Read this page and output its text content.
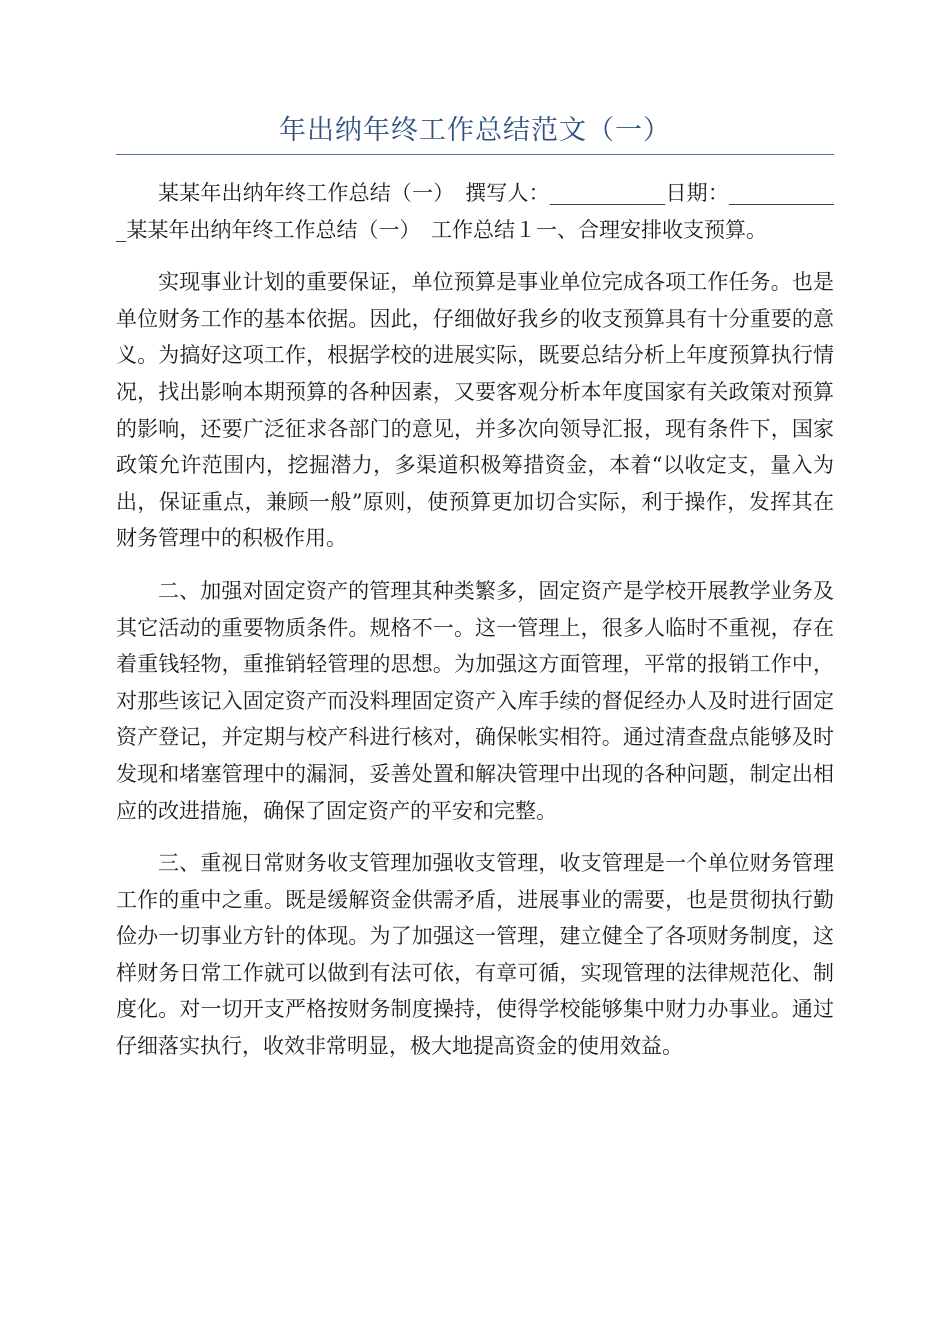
年出纳年终工作总结范文（一）

某某年出纳年终工作总结（一）　撰写人：___________日期：___________某某年出纳年终工作总结（一）　工作总结１一、合理安排收支预算。

实现事业计划的重要保证，单位预算是事业单位完成各项工作任务。也是单位财务工作的基本依据。因此，仔细做好我乡的收支预算具有十分重要的意义。为搞好这项工作，根据学校的进展实际，既要总结分析上年度预算执行情况，找出影响本期预算的各种因素，又要客观分析本年度国家有关政策对预算的影响，还要广泛征求各部门的意见，并多次向领导汇报，现有条件下，国家政策允许范围内，挖掘潜力，多渠道积极筹措资金，本着“以收定支，量入为出，保证重点，兼顾一般”原则，使预算更加切合实际，利于操作，发挥其在财务管理中的积极作用。

二、加强对固定资产的管理其种类繁多，固定资产是学校开展教学业务及其它活动的重要物质条件。规格不一。这一管理上，很多人临时不重视，存在着重钱轻物，重推销轻管理的思想。为加强这方面管理，平常的报销工作中，对那些该记入固定资产而没料理固定资产入库手续的督促经办人及时进行固定资产登记，并定期与校产科进行核对，确保帐实相符。通过清查盘点能够及时发现和堵塞管理中的漏洞，妥善处置和解决管理中出现的各种问题，制定出相应的改进措施，确保了固定资产的平安和完整。

三、重视日常财务收支管理加强收支管理，收支管理是一个单位财务管理工作的重中之重。既是缓解资金供需矛盾，进展事业的需要，也是贯彻执行勤俭办一切事业方针的体现。为了加强这一管理，建立健全了各项财务制度，这样财务日常工作就可以做到有法可依，有章可循，实现管理的法律规范化、制度化。对一切开支严格按财务制度操持，使得学校能够集中财力办事业。通过仔细落实执行，收效非常明显，极大地提高资金的使用效益。
